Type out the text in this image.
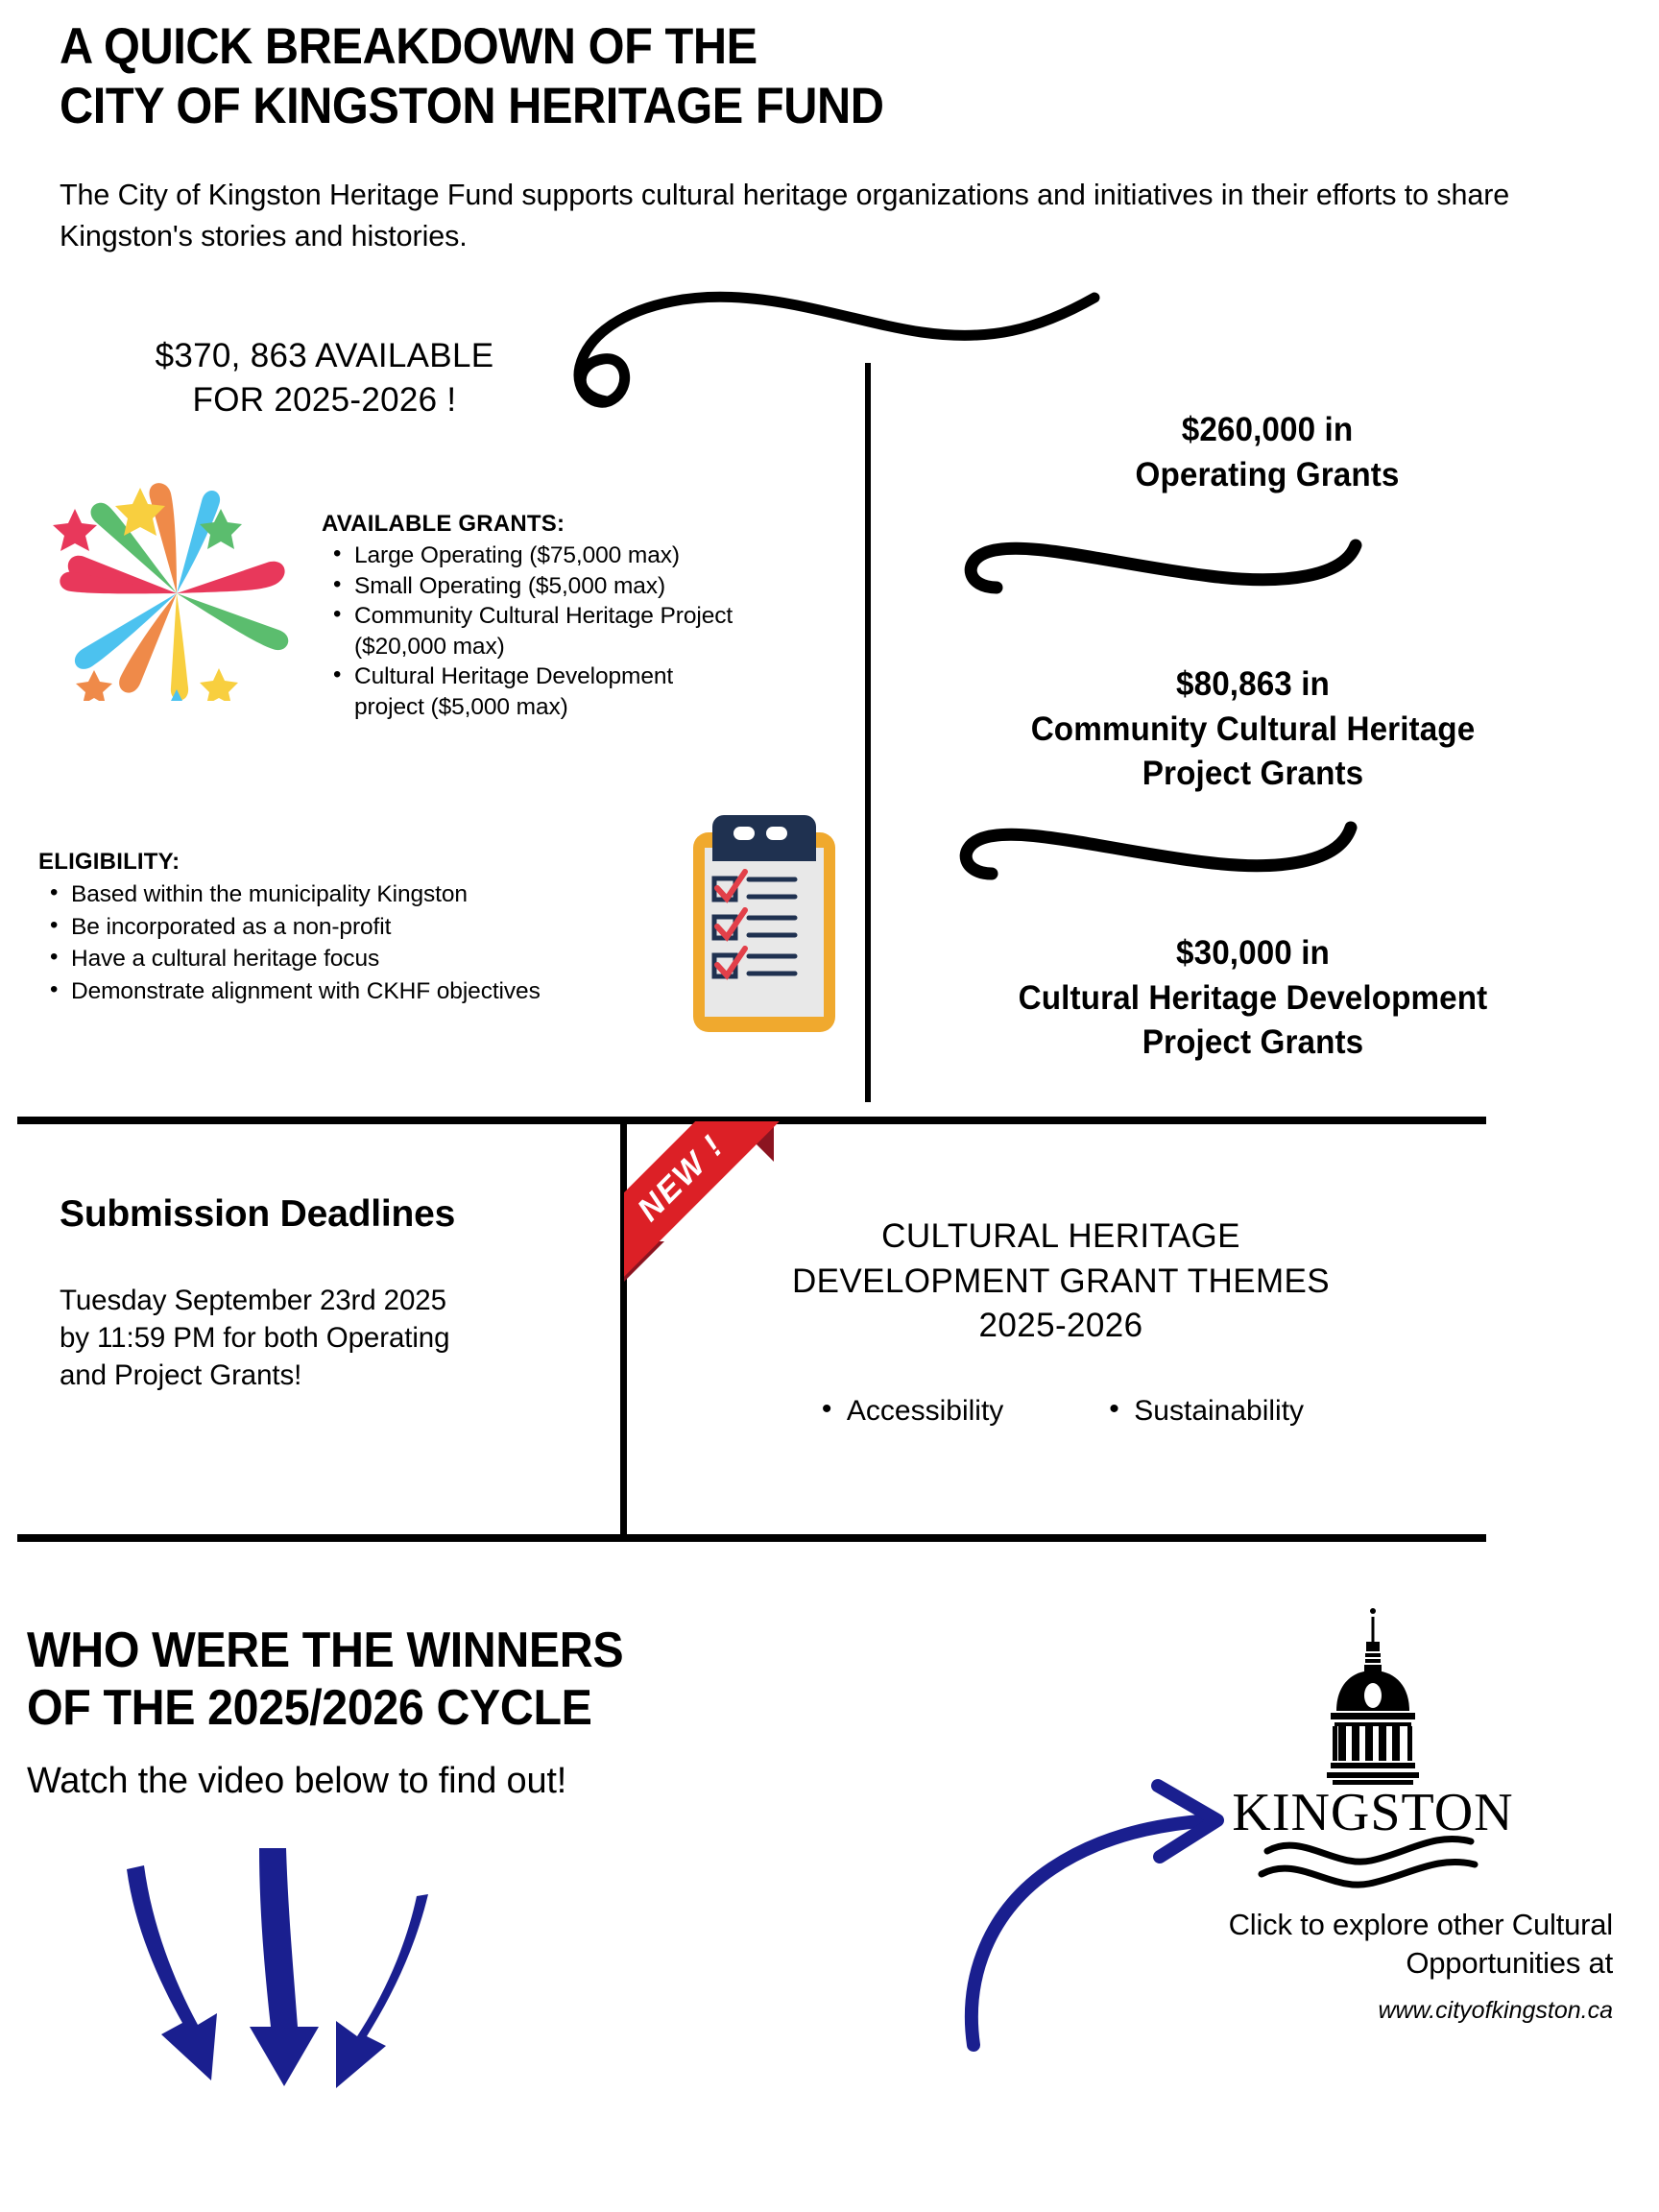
A QUICK BREAKDOWN OF THE
CITY OF KINGSTON HERITAGE FUND
The City of Kingston Heritage Fund supports cultural heritage organizations and initiatives in their efforts to share Kingston's stories and histories.
$370, 863 AVAILABLE
FOR 2025-2026 !
AVAILABLE GRANTS:
• Large Operating ($75,000 max)
• Small Operating ($5,000 max)
• Community Cultural Heritage Project
($20,000 max)
• Cultural Heritage Development
project ($5,000 max)
ELIGIBILITY:
• Based within the municipality Kingston
• Be incorporated as a non-profit
• Have a cultural heritage focus
• Demonstrate alignment with CKHF objectives
$260,000 in
Operating Grants
$80,863 in
Community Cultural Heritage
Project Grants
$30,000 in
Cultural Heritage Development
Project Grants
Submission Deadlines
Tuesday September 23rd 2025
by 11:59 PM for both Operating
and Project Grants!
NEW !
CULTURAL HERITAGE
DEVELOPMENT GRANT THEMES
2025-2026
• Accessibility	• Sustainability
WHO WERE THE WINNERS
OF THE 2025/2026 CYCLE
Watch the video below to find out!
KINGSTON
Click to explore other Cultural
Opportunities at
www.cityofkingston.ca
